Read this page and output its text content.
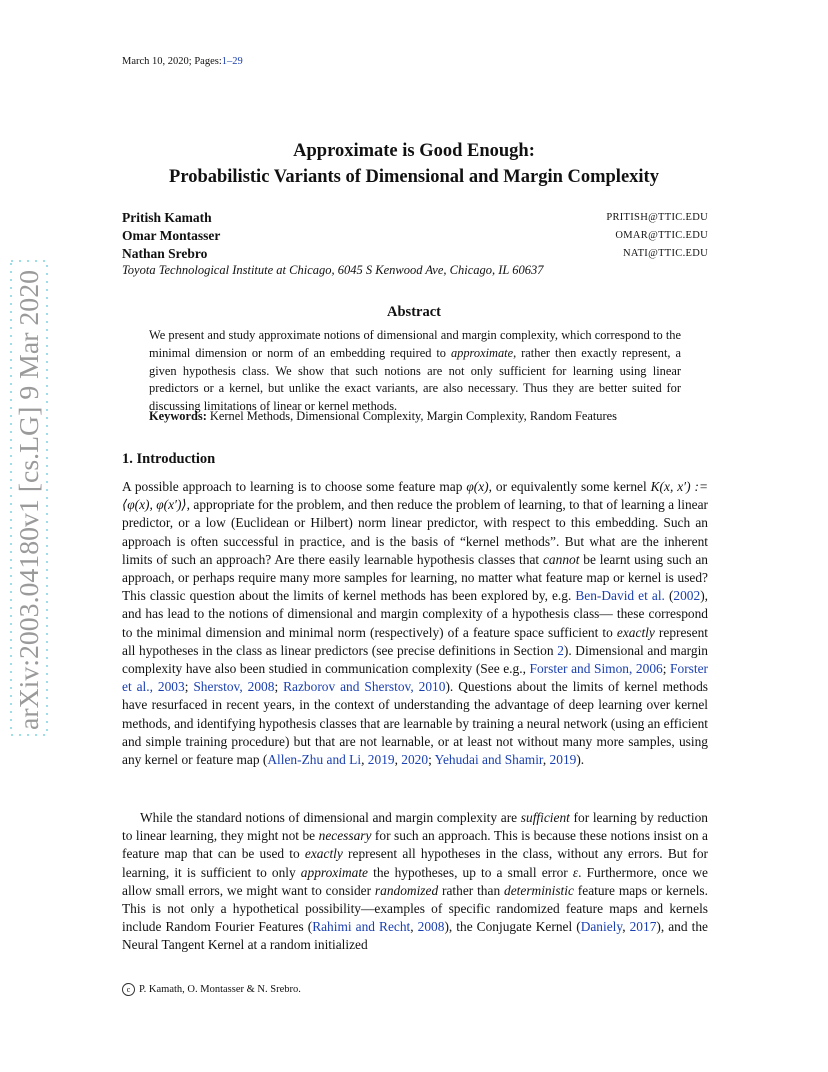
March 10, 2020; Pages:1–29
Approximate is Good Enough:
Probabilistic Variants of Dimensional and Margin Complexity
Pritish Kamath	PRITISH@TTIC.EDU
Omar Montasser	OMAR@TTIC.EDU
Nathan Srebro	NATI@TTIC.EDU
Toyota Technological Institute at Chicago, 6045 S Kenwood Ave, Chicago, IL 60637
Abstract
We present and study approximate notions of dimensional and margin complexity, which correspond to the minimal dimension or norm of an embedding required to approximate, rather then exactly represent, a given hypothesis class. We show that such notions are not only sufficient for learning using linear predictors or a kernel, but unlike the exact variants, are also necessary. Thus they are better suited for discussing limitations of linear or kernel methods.
Keywords: Kernel Methods, Dimensional Complexity, Margin Complexity, Random Features
1. Introduction

A possible approach to learning is to choose some feature map φ(x), or equivalently some kernel K(x, x′) := ⟨φ(x), φ(x′)⟩, appropriate for the problem, and then reduce the problem of learning, to that of learning a linear predictor, or a low (Euclidean or Hilbert) norm linear predictor, with respect to this embedding. Such an approach is often successful in practice, and is the basis of “kernel methods”. But what are the inherent limits of such an approach? Are there easily learnable hypothesis classes that cannot be learnt using such an approach, or perhaps require many more samples for learning, no matter what feature map or kernel is used? This classic question about the limits of kernel methods has been explored by, e.g. Ben-David et al. (2002), and has lead to the notions of dimensional and margin complexity of a hypothesis class— these correspond to the minimal dimension and minimal norm (respectively) of a feature space sufficient to exactly represent all hypotheses in the class as linear predictors (see precise definitions in Section 2). Dimensional and margin complexity have also been studied in communication complexity (See e.g., Forster and Simon, 2006; Forster et al., 2003; Sherstov, 2008; Razborov and Sherstov, 2010). Questions about the limits of kernel methods have resurfaced in recent years, in the context of understanding the advantage of deep learning over kernel methods, and identifying hypothesis classes that are learnable by training a neural network (using an efficient and simple training procedure) but that are not learnable, or at least not without many more samples, using any kernel or feature map (Allen-Zhu and Li, 2019, 2020; Yehudai and Shamir, 2019).

While the standard notions of dimensional and margin complexity are sufficient for learning by reduction to linear learning, they might not be necessary for such an approach. This is because these notions insist on a feature map that can be used to exactly represent all hypotheses in the class, without any errors. But for learning, it is sufficient to only approximate the hypotheses, up to a small error ε. Furthermore, once we allow small errors, we might want to consider randomized rather than deterministic feature maps or kernels. This is not only a hypothetical possibility—examples of specific randomized feature maps and kernels include Random Fourier Features (Rahimi and Recht, 2008), the Conjugate Kernel (Daniely, 2017), and the Neural Tangent Kernel at a random initialized

c P. Kamath, O. Montasser & N. Srebro.
arXiv:2003.04180v1 [cs.LG] 9 Mar 2020
